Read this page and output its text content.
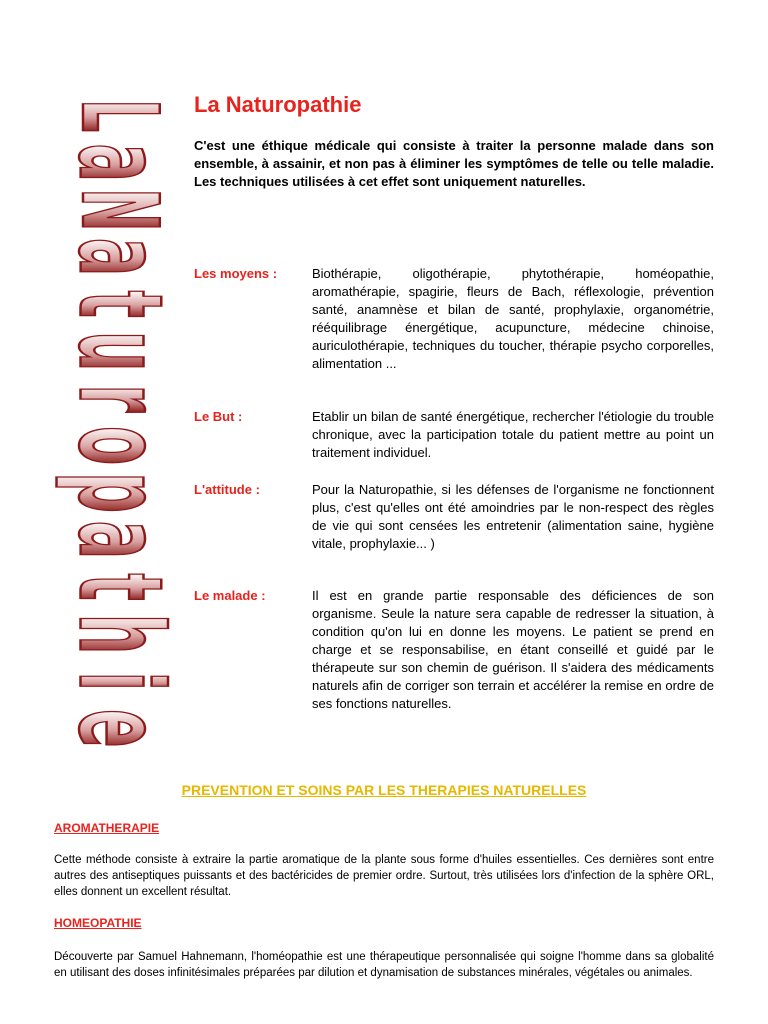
L
a
N
a
t
u
r
o
p
a
t
h
i
e
La Naturopathie

C'est une éthique médicale qui consiste à traiter la personne malade dans son ensemble, à assainir, et non pas à éliminer les symptômes de telle ou telle maladie. Les techniques utilisées à cet effet sont uniquement naturelles.

Les moyens :	Biothérapie, oligothérapie, phytothérapie, homéopathie, aromathérapie, spagirie, fleurs de Bach, réflexologie, prévention santé, anamnèse et bilan de santé, prophylaxie, organométrie, rééquilibrage énergétique, acupuncture, médecine chinoise, auriculothérapie, techniques du toucher, thérapie psycho corporelles, alimentation ...

Le But :	Etablir un bilan de santé énergétique, rechercher l'étiologie du trouble chronique, avec la participation totale du patient mettre au point un traitement individuel.

L'attitude :	Pour la Naturopathie, si les défenses de l'organisme ne fonctionnent plus, c'est qu'elles ont été amoindries par le non-respect des règles de vie qui sont censées les entretenir (alimentation saine, hygiène vitale, prophylaxie... )

Le malade :	Il est en grande partie responsable des déficiences de son organisme. Seule la nature sera capable de redresser la situation, à condition qu'on lui en donne les moyens. Le patient se prend en charge et se responsabilise, en étant conseillé et guidé par le thérapeute sur son chemin de guérison. Il s'aidera des médicaments naturels afin de corriger son terrain et accélérer la remise en ordre de ses fonctions naturelles.

PREVENTION ET SOINS PAR LES THERAPIES NATURELLES
AROMATHERAPIE

Cette méthode consiste à extraire la partie aromatique de la plante sous forme d'huiles essentielles. Ces dernières sont entre autres des antiseptiques puissants et des bactéricides de premier ordre. Surtout, très utilisées lors d'infection de la sphère ORL, elles donnent un excellent résultat.

HOMEOPATHIE

Découverte par Samuel Hahnemann, l'homéopathie est une thérapeutique personnalisée qui soigne l'homme dans sa globalité en utilisant des doses infinitésimales préparées par dilution et dynamisation de substances minérales, végétales ou animales.
